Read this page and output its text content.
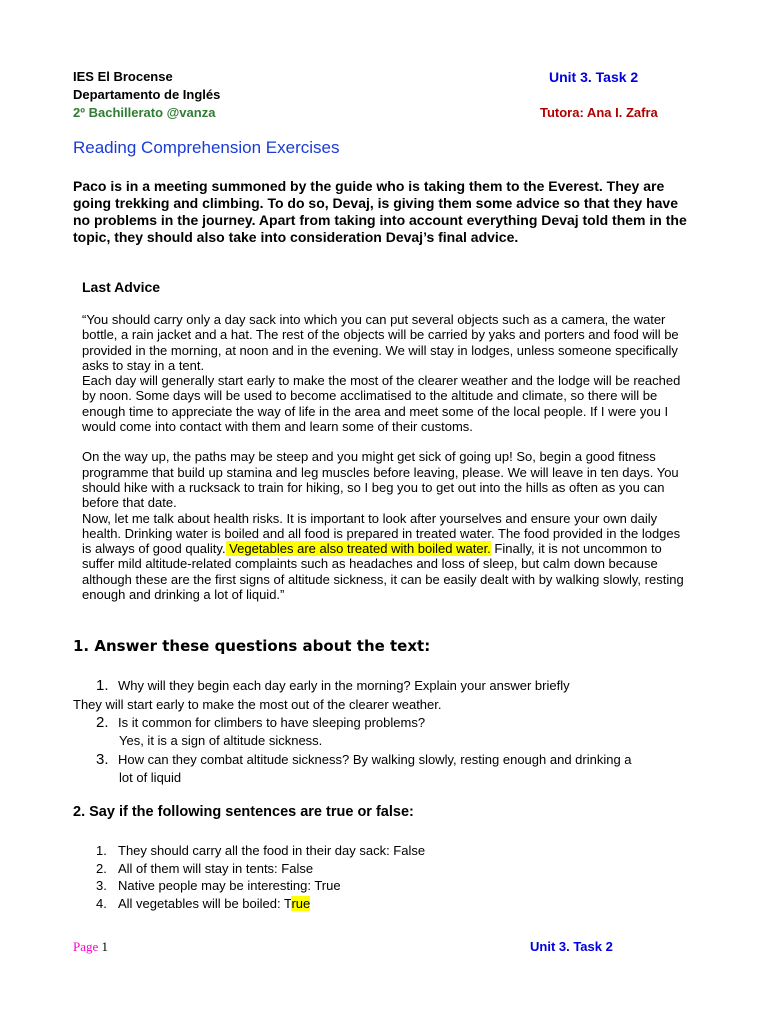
IES El Brocense
Departamento de Inglés
2º Bachillerato @vanza
Unit 3. Task 2
Tutora: Ana I. Zafra
Reading Comprehension Exercises
Paco is in a meeting summoned by the guide who is taking them to the Everest. They are going trekking and climbing. To do so, Devaj, is giving them some advice so that they have no problems in the journey. Apart from taking into account everything Devaj told them in the topic, they should also take into consideration Devaj’s final advice.
Last Advice

“You should carry only a day sack into which you can put several objects such as a camera, the water bottle, a rain jacket and a hat. The rest of the objects will be carried by yaks and porters and food will be provided in the morning, at noon and in the evening. We will stay in lodges, unless someone specifically asks to stay in a tent.

Each day will generally start early to make the most of the clearer weather and the lodge will be reached by noon. Some days will be used to become acclimatised to the altitude and climate, so there will be enough time to appreciate the way of life in the area and meet some of the local people. If I were you I would come into contact with them and learn some of their customs.

On the way up, the paths may be steep and you might get sick of going up! So, begin a good fitness programme that build up stamina and leg muscles before leaving, please. We will leave in ten days. You should hike with a rucksack to train for hiking, so I beg you to get out into the hills as often as you can before that date.

Now, let me talk about health risks. It is important to look after yourselves and ensure your own daily health. Drinking water is boiled and all food is prepared in treated water. The food provided in the lodges is always of good quality. Vegetables are also treated with boiled water. Finally, it is not uncommon to suffer mild altitude-related complaints such as headaches and loss of sleep, but calm down because although these are the first signs of altitude sickness, it can be easily dealt with by walking slowly, resting enough and drinking a lot of liquid.”

1. Answer these questions about the text:
1. Why will they begin each day early in the morning? Explain your answer briefly
They will start early to make the most out of the clearer weather.
2. Is it common for climbers to have sleeping problems?
Yes, it is a sign of altitude sickness.
3. How can they combat altitude sickness? By walking slowly, resting enough and drinking a
lot of liquid
2. Say if the following sentences are true or false:
1. They should carry all the food in their day sack: False
2. All of them will stay in tents: False
3. Native people may be interesting: True
4. All vegetables will be boiled: True
Page 1	Unit 3. Task 2
